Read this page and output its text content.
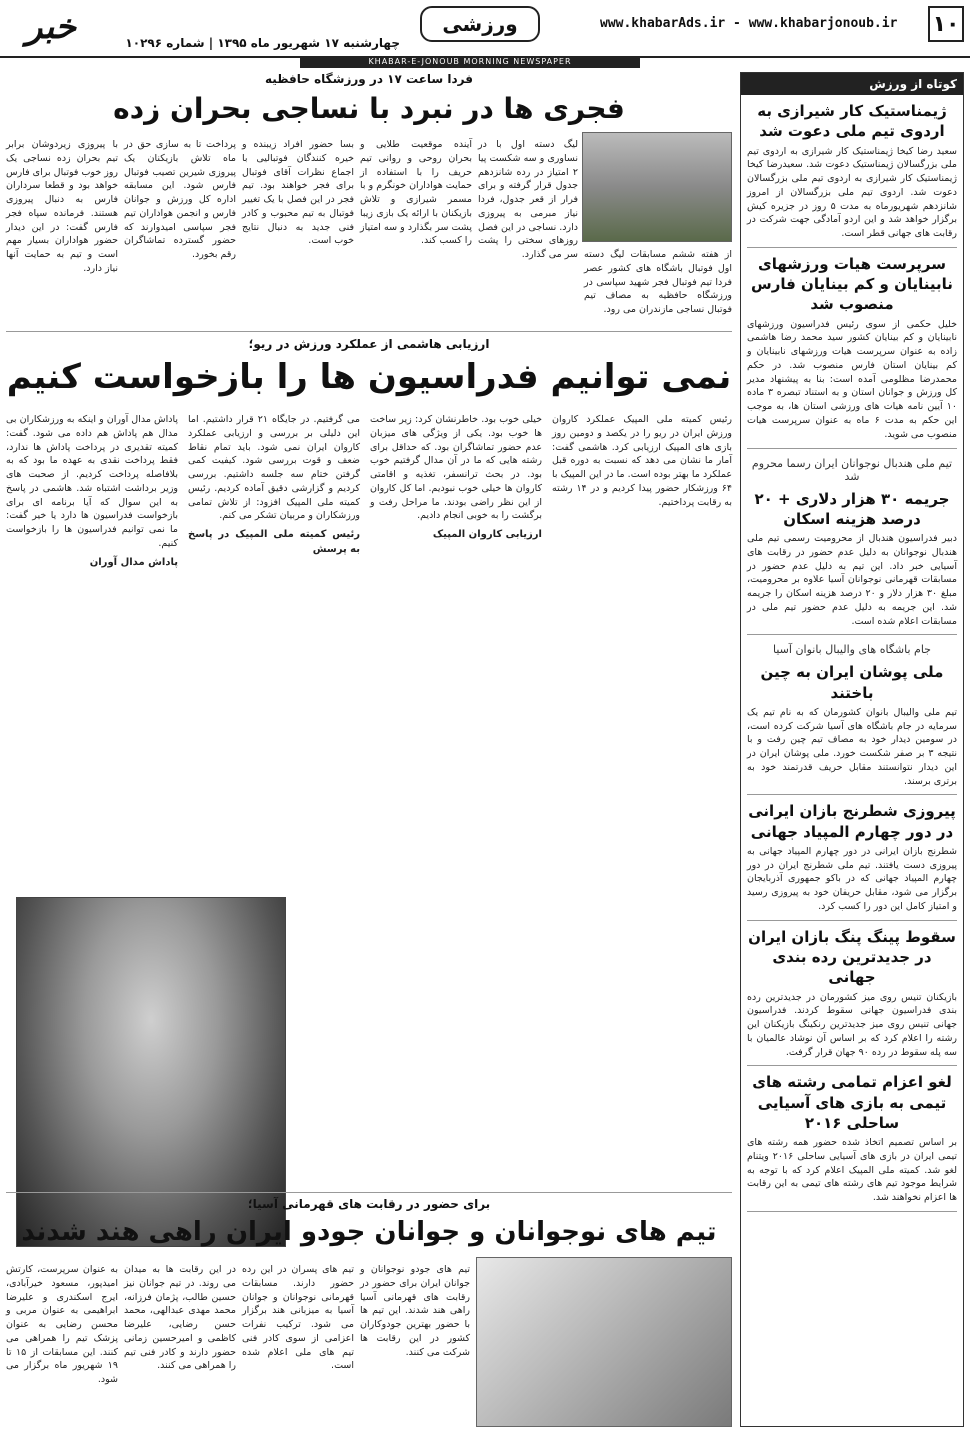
۱۰
www.khabarAds.ir - www.khabarjonoub.ir
ورزشی
چهارشنبه ۱۷ شهریور ماه ۱۳۹۵ | شماره ۱۰۲۹۶
خبر
KHABAR-E-JONOUB MORNING NEWSPAPER
کوتاه از ورزش
ژیمناستیک کار شیرازی به اردوی تیم ملی دعوت شد
سعید رضا کیخا ژیمناستیک کار شیرازی به اردوی تیم ملی بزرگسالان ژیمناستیک دعوت شد. سعیدرضا کیخا ژیمناستیک کار شیرازی به اردوی تیم ملی بزرگسالان دعوت شد. اردوی تیم ملی بزرگسالان از امروز شانزدهم شهریورماه به مدت ۵ روز در جزیره کیش برگزار خواهد شد و این اردو آمادگی جهت شرکت در رقابت های جهانی قطر است.
سرپرست هیات ورزشهای نابینایان و کم بینایان فارس منصوب شد
خلیل حکمی از سوی رئیس فدراسیون ورزشهای نابینایان و کم بینایان کشور سید محمد رضا هاشمی زاده به عنوان سرپرست هیات ورزشهای نابینایان و کم بینایان استان فارس منصوب شد. در حکم محمدرضا مظلومی آمده است: بنا به پیشنهاد مدیر کل ورزش و جوانان استان و به استناد تبصره ۳ ماده ۱۰ آیین نامه هیات های ورزشی استان ها، به موجب این حکم به مدت ۶ ماه به عنوان سرپرست هیات منصوب می شوید.
تیم ملی هندبال نوجوانان ایران رسما محروم شد
جریمه ۳۰ هزار دلاری + ۲۰ درصد هزینه اسکان
دبیر فدراسیون هندبال از محرومیت رسمی تیم ملی هندبال نوجوانان به دلیل عدم حضور در رقابت های آسیایی خبر داد. این تیم به دلیل عدم حضور در مسابقات قهرمانی نوجوانان آسیا علاوه بر محرومیت، مبلغ ۳۰ هزار دلار و ۲۰ درصد هزینه اسکان را جریمه شد. این جریمه به دلیل عدم حضور تیم ملی در مسابقات اعلام شده است.
جام باشگاه های والیبال بانوان آسیا
ملی پوشان ایران به چین باختند
تیم ملی والیبال بانوان کشورمان که به نام تیم یک سرمایه در جام باشگاه های آسیا شرکت کرده است، در سومین دیدار خود به مصاف تیم چین رفت و با نتیجه ۳ بر صفر شکست خورد. ملی پوشان ایران در این دیدار نتوانستند مقابل حریف قدرتمند خود به برتری برسند.
پیروزی شطرنج بازان ایرانی در دور چهارم المپیاد جهانی
شطرنج بازان ایرانی در دور چهارم المپیاد جهانی به پیروزی دست یافتند. تیم ملی شطرنج ایران در دور چهارم المپیاد جهانی که در باکو جمهوری آذربایجان برگزار می شود، مقابل حریفان خود به پیروزی رسید و امتیاز کامل این دور را کسب کرد.
سقوط پینگ پنگ بازان ایران در جدیدترین رده بندی جهانی
بازیکنان تنیس روی میز کشورمان در جدیدترین رده بندی فدراسیون جهانی سقوط کردند. فدراسیون جهانی تنیس روی میز جدیدترین رنکینگ بازیکنان این رشته را اعلام کرد که بر اساس آن نوشاد عالمیان با سه پله سقوط در رده ۹۰ جهان قرار گرفت.
لغو اعزام تمامی رشته های تیمی به بازی های آسیایی ساحلی ۲۰۱۶
بر اساس تصمیم اتخاذ شده حضور همه رشته های تیمی ایران در بازی های آسیایی ساحلی ۲۰۱۶ ویتنام لغو شد. کمیته ملی المپیک اعلام کرد که با توجه به شرایط موجود تیم های رشته های تیمی به این رقابت ها اعزام نخواهند شد.
فردا ساعت ۱۷ در ورزشگاه حافظیه
فجری ها در نبرد با نساجی بحران زده
با پیروزی زیردوشان برابر تیم بحران زده نساجی یک روز خوب فوتبال برای فارس خواهد بود و قطعا سرداران فارس به دنبال پیروزی هستند. فرمانده سپاه فجر فارس گفت: در این دیدار حضور هواداران بسیار مهم است و تیم به حمایت آنها نیاز دارد.
پرداخت تا به سازی حق در ماه تلاش بازیکنان یک پیروزی شیرین تصیب فوتبال فارس شود. این مسابقه اداره کل ورزش و جوانان فارس و انجمن هواداران تیم فجر سپاسی امیدوارند که حضور گسترده تماشاگران رقم بخورد.
بسا حضور افراد زیبنده و خیره کنندگان فوتبالیی با اجماع نظرات آقای فوتبال برای فجر خواهند بود. تیم فجر در این فصل با یک تغییر فوتبال به تیم محبوب و کادر فنی جدید به دنبال نتایج خوب است.
آینده موقعیت طلایی و بحران روحی و روانی تیم حریف را با استفاده از حمایت هواداران خونگرم و با مسمر شیرازی و تلاش بازیکنان با ارائه یک بازی زیبا پشت سر بگذارد و سه امتیاز را کسب کند.
لیگ دسته اول با در نساوری و سه شکست پیا ۲ امتیاز در رده شانزدهم جدول قرار گرفته و برای فرار از قعر جدول، فردا نیاز مبرمی به پیروزی دارد. نساجی در این فصل روزهای سختی را پشت سر می گذارد. از هفته ششم مسابقات لیگ دسته اول فوتبال باشگاه های کشور عصر فردا تیم فوتبال فجر شهید سپاسی در ورزشگاه حافظیه به مصاف تیم فوتبال نساجی مازندران می رود.
ارزیابی هاشمی از عملکرد ورزش در ریو؛
نمی توانیم فدراسیون ها را بازخواست کنیم
پاداش مدال آوران و اینکه به ورزشکاران بی مدال هم پاداش هم داده می شود. گفت: کمیته تقدیری در پرداخت پاداش ها ندارد، فقط پرداخت نقدی به عهده ما بود که به بلافاصله پرداخت کردیم. از صحبت های وزیر برداشت اشتباه شد. هاشمی در پاسخ به این سوال که آیا برنامه ای برای بازخواست فدراسیون ها دارد یا خیر گفت: ما نمی توانیم فدراسیون ها را بازخواست کنیم.
پاداش مدال آوران
می گرفتیم. در جایگاه ۲۱ قرار داشتیم. اما این دلیلی بر بررسی و ارزیابی عملکرد کاروان ایران نمی شود. باید تمام نقاط ضعف و قوت بررسی شود. کیفیت کمی گرفتن ختام سه جلسه داشتیم. بررسی کردیم و گزارشی دقیق آماده کردیم. رئیس کمیته ملی المپیک افزود: از تلاش تمامی ورزشکاران و مربیان تشکر می کنم.
رئیس کمیته ملی المپیک در پاسخ به پرسش
خیلی خوب بود. خاطرنشان کرد: زیر ساخت ها خوب بود. یکی از ویژگی های میزبان عدم حضور تماشاگران بود. که حداقل برای رشته هایی که ما در آن مدال گرفتیم خوب بود. در بحث ترانسفر، تغذیه و اقامتی کاروان ها خیلی خوب نبودیم. اما کل کاروان از این نظر راضی بودند. ما مراحل رفت و برگشت را به خوبی انجام دادیم.
ارزیابی کاروان المپیک
رئیس کمیته ملی المپیک عملکرد کاروان ورزش ایران در ریو را در یکصد و دومین روز بازی های المپیک ارزیابی کرد. هاشمی گفت: آمار ما نشان می دهد که نسبت به دوره قبل عملکرد ما بهتر بوده است. ما در این المپیک با ۶۴ ورزشکار حضور پیدا کردیم و در ۱۴ رشته به رقابت پرداختیم.
برای حضور در رقابت های قهرمانی آسیا؛
تیم های نوجوانان و جوانان جودو ایران راهی هند شدند
به عنوان سرپرست، کارتش امیدپور، مسعود خیرآبادی، ایرج اسکندری و علیرضا ابراهیمی به عنوان مربی و محسن رضایی به عنوان پزشک تیم را همراهی می کنند. این مسابقات از ۱۵ تا ۱۹ شهریور ماه برگزار می شود.
در این رقابت ها به میدان می روند. در تیم جوانان نیز حسین طالب، پژمان فرزانه، محمد مهدی عبدالهی، محمد حسن رضایی، علیرضا کاظمی و امیرحسین زمانی حضور دارند و کادر فنی تیم را همراهی می کنند.
تیم های پسران در این رده حضور دارند. مسابقات قهرمانی نوجوانان و جوانان آسیا به میزبانی هند برگزار می شود. ترکیب نفرات اعزامی از سوی کادر فنی تیم های ملی اعلام شده است.
تیم های جودو نوجوانان و جوانان ایران برای حضور در رقابت های قهرمانی آسیا راهی هند شدند. این تیم ها با حضور بهترین جودوکاران کشور در این رقابت ها شرکت می کنند.
